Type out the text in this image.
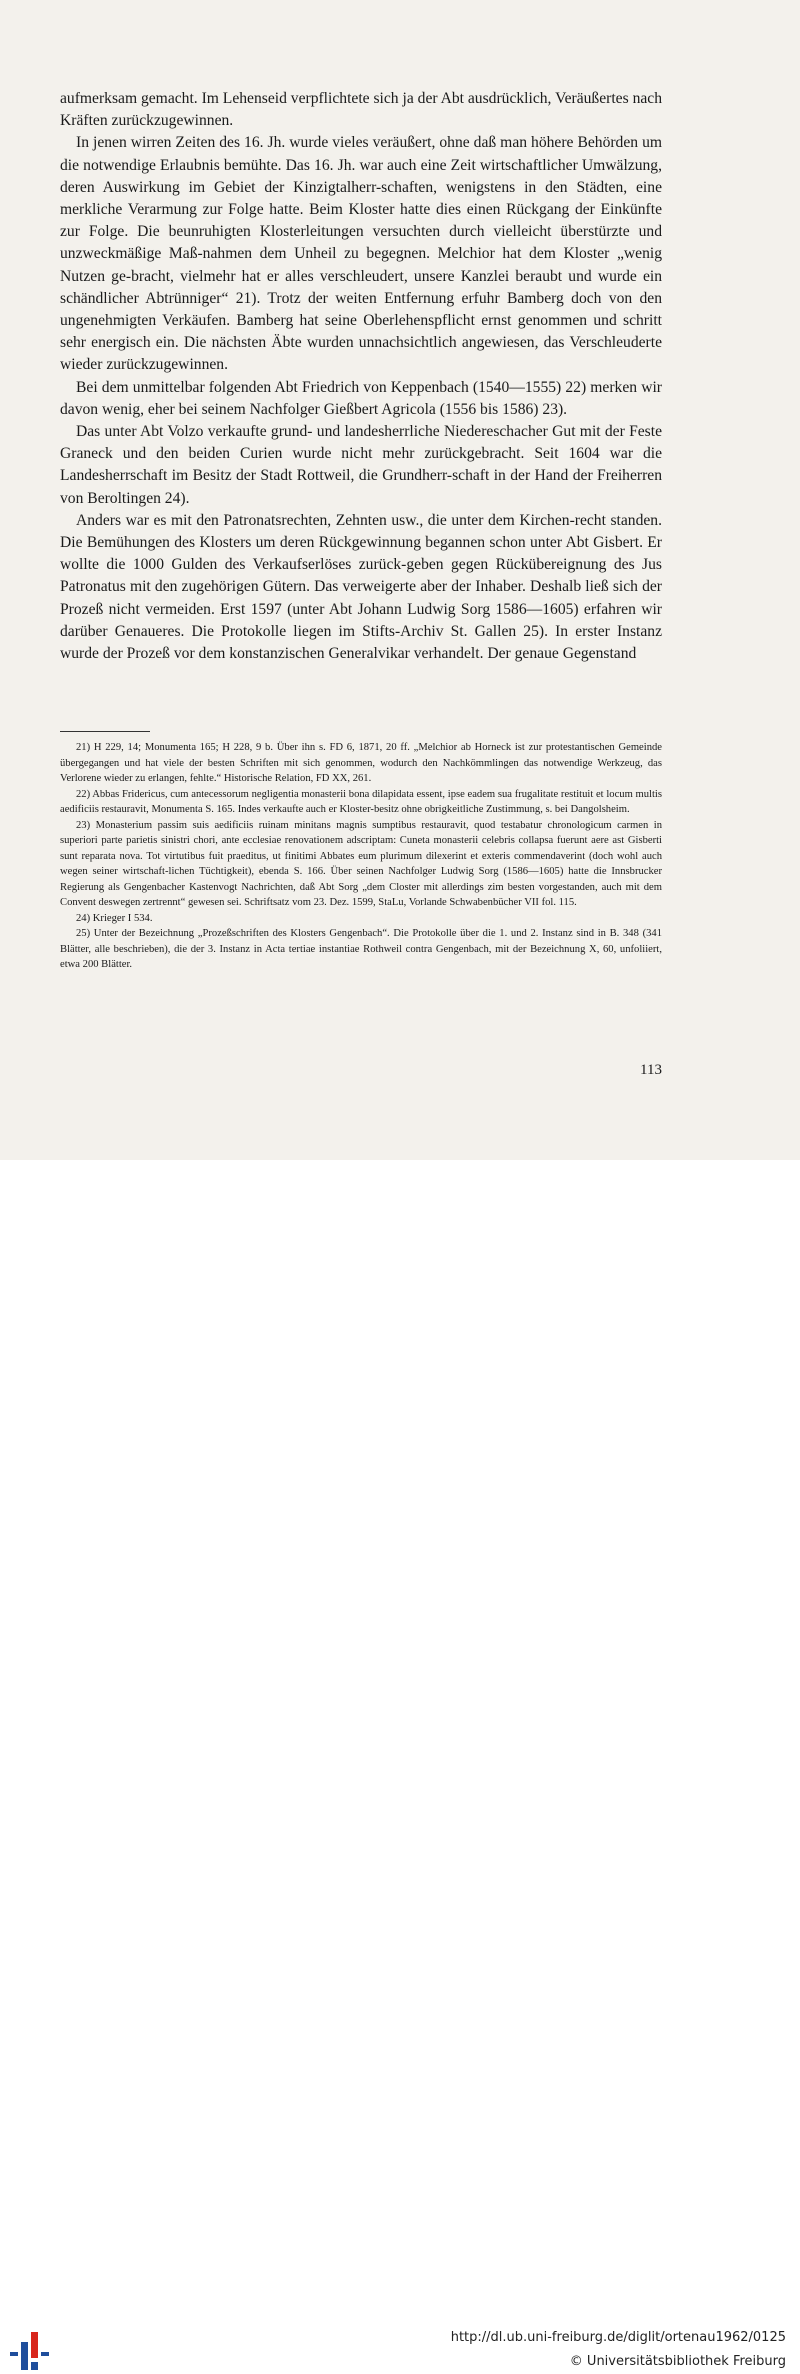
aufmerksam gemacht. Im Lehenseid verpflichtete sich ja der Abt ausdrücklich, Veräußertes nach Kräften zurückzugewinnen.

In jenen wirren Zeiten des 16. Jh. wurde vieles veräußert, ohne daß man höhere Behörden um die notwendige Erlaubnis bemühte. Das 16. Jh. war auch eine Zeit wirtschaftlicher Umwälzung, deren Auswirkung im Gebiet der Kinzigtalherr-schaften, wenigstens in den Städten, eine merkliche Verarmung zur Folge hatte. Beim Kloster hatte dies einen Rückgang der Einkünfte zur Folge. Die beunruhigten Klosterleitungen versuchten durch vielleicht überstürzte und unzweckmäßige Maß-nahmen dem Unheil zu begegnen. Melchior hat dem Kloster „wenig Nutzen ge-bracht, vielmehr hat er alles verschleudert, unsere Kanzlei beraubt und wurde ein schändlicher Abtrünniger“ 21). Trotz der weiten Entfernung erfuhr Bamberg doch von den ungenehmigten Verkäufen. Bamberg hat seine Oberlehenspflicht ernst genommen und schritt sehr energisch ein. Die nächsten Äbte wurden unnachsichtlich angewiesen, das Verschleuderte wieder zurückzugewinnen.

Bei dem unmittelbar folgenden Abt Friedrich von Keppenbach (1540—1555) 22) merken wir davon wenig, eher bei seinem Nachfolger Gießbert Agricola (1556 bis 1586) 23).

Das unter Abt Volzo verkaufte grund- und landesherrliche Niedereschacher Gut mit der Feste Graneck und den beiden Curien wurde nicht mehr zurückgebracht. Seit 1604 war die Landesherrschaft im Besitz der Stadt Rottweil, die Grundherr-schaft in der Hand der Freiherren von Beroltingen 24).

Anders war es mit den Patronatsrechten, Zehnten usw., die unter dem Kirchen-recht standen. Die Bemühungen des Klosters um deren Rückgewinnung begannen schon unter Abt Gisbert. Er wollte die 1000 Gulden des Verkaufserlöses zurück-geben gegen Rückübereignung des Jus Patronatus mit den zugehörigen Gütern. Das verweigerte aber der Inhaber. Deshalb ließ sich der Prozeß nicht vermeiden. Erst 1597 (unter Abt Johann Ludwig Sorg 1586—1605) erfahren wir darüber Genaueres. Die Protokolle liegen im Stifts-Archiv St. Gallen 25). In erster Instanz wurde der Prozeß vor dem konstanzischen Generalvikar verhandelt. Der genaue Gegenstand

21) H 229, 14; Monumenta 165; H 228, 9 b. Über ihn s. FD 6, 1871, 20 ff. „Melchior ab Horneck ist zur protestantischen Gemeinde übergegangen und hat viele der besten Schriften mit sich genommen, wodurch den Nachkömmlingen das notwendige Werkzeug, das Verlorene wieder zu erlangen, fehlte.“ Historische Relation, FD XX, 261.

22) Abbas Fridericus, cum antecessorum negligentia monasterii bona dilapidata essent, ipse eadem sua frugalitate restituit et locum multis aedificiis restauravit, Monumenta S. 165. Indes verkaufte auch er Kloster-besitz ohne obrigkeitliche Zustimmung, s. bei Dangolsheim.

23) Monasterium passim suis aedificiis ruinam minitans magnis sumptibus restauravit, quod testabatur chronologicum carmen in superiori parte parietis sinistri chori, ante ecclesiae renovationem adscriptam: Cuneta monasterii celebris collapsa fuerunt aere ast Gisberti sunt reparata nova. Tot virtutibus fuit praeditus, ut finitimi Abbates eum plurimum dilexerint et exteris commendaverint (doch wohl auch wegen seiner wirtschaft-lichen Tüchtigkeit), ebenda S. 166. Über seinen Nachfolger Ludwig Sorg (1586—1605) hatte die Innsbrucker Regierung als Gengenbacher Kastenvogt Nachrichten, daß Abt Sorg „dem Closter mit allerdings zim besten vorgestanden, auch mit dem Convent deswegen zertrennt“ gewesen sei. Schriftsatz vom 23. Dez. 1599, StaLu, Vorlande Schwabenbücher VII fol. 115.

24) Krieger I 534.

25) Unter der Bezeichnung „Prozeßschriften des Klosters Gengenbach“. Die Protokolle über die 1. und 2. Instanz sind in B. 348 (341 Blätter, alle beschrieben), die der 3. Instanz in Acta tertiae instantiae Rothweil contra Gengenbach, mit der Bezeichnung X, 60, unfoliiert, etwa 200 Blätter.

113
http://dl.ub.uni-freiburg.de/diglit/ortenau1962/0125
© Universitätsbibliothek Freiburg
